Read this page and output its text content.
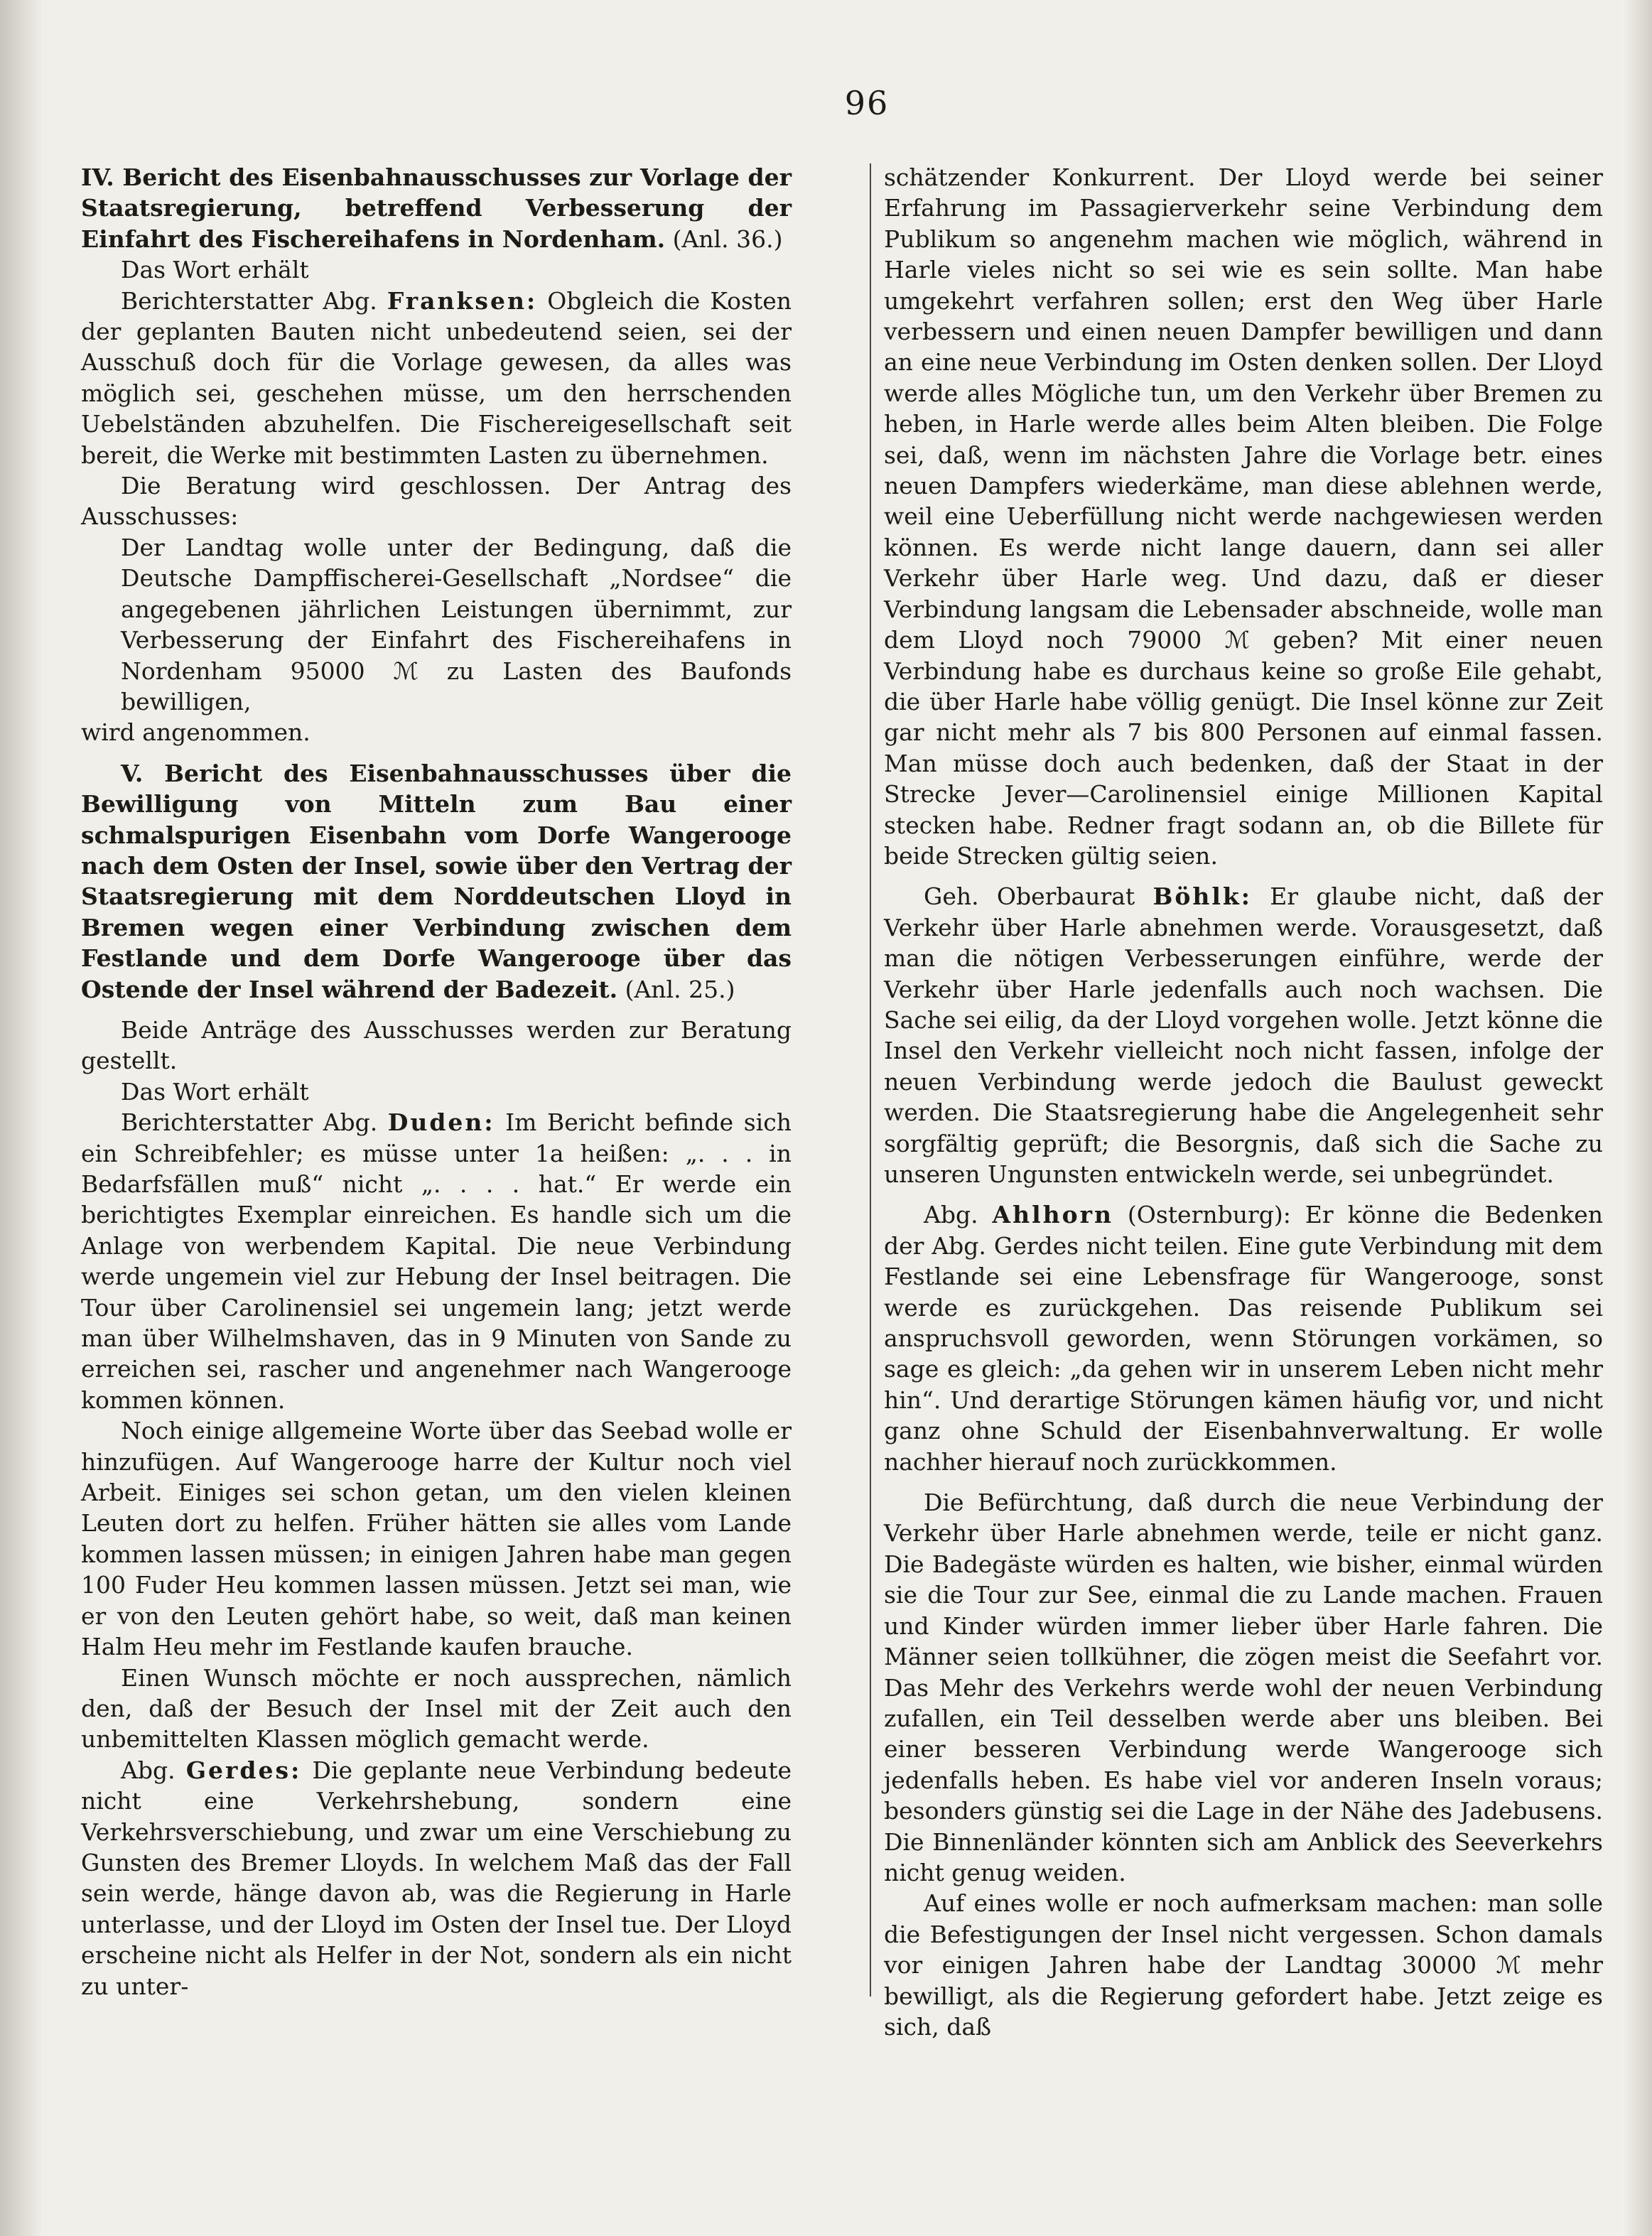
96

IV. Bericht des Eisenbahnausschusses zur Vorlage der Staatsregierung, betreffend Verbesserung der Einfahrt des Fischereihafens in Nordenham. (Anl. 36.)

Das Wort erhält

Berichterstatter Abg. Franksen: Obgleich die Kosten der geplanten Bauten nicht unbedeutend seien, sei der Ausschuß doch für die Vorlage gewesen, da alles was möglich sei, geschehen müsse, um den herrschenden Uebelständen abzuhelfen. Die Fischereigesellschaft seit bereit, die Werke mit bestimmten Lasten zu übernehmen.

Die Beratung wird geschlossen. Der Antrag des Ausschusses:

Der Landtag wolle unter der Bedingung, daß die Deutsche Dampffischerei-Gesellschaft „Nordsee“ die angegebenen jährlichen Leistungen übernimmt, zur Verbesserung der Einfahrt des Fischereihafens in Nordenham 95000 ℳ zu Lasten des Baufonds bewilligen,

wird angenommen.

V. Bericht des Eisenbahnausschusses über die Bewilligung von Mitteln zum Bau einer schmalspurigen Eisenbahn vom Dorfe Wangerooge nach dem Osten der Insel, sowie über den Vertrag der Staatsregierung mit dem Norddeutschen Lloyd in Bremen wegen einer Verbindung zwischen dem Festlande und dem Dorfe Wangerooge über das Ostende der Insel während der Badezeit. (Anl. 25.)

Beide Anträge des Ausschusses werden zur Beratung gestellt.

Das Wort erhält

Berichterstatter Abg. Duden: Im Bericht befinde sich ein Schreibfehler; es müsse unter 1a heißen: „. . . in Bedarfsfällen muß“ nicht „. . . . hat.“ Er werde ein berichtigtes Exemplar einreichen. Es handle sich um die Anlage von werbendem Kapital. Die neue Verbindung werde ungemein viel zur Hebung der Insel beitragen. Die Tour über Carolinensiel sei ungemein lang; jetzt werde man über Wilhelmshaven, das in 9 Minuten von Sande zu erreichen sei, rascher und angenehmer nach Wangerooge kommen können.

Noch einige allgemeine Worte über das Seebad wolle er hinzufügen. Auf Wangerooge harre der Kultur noch viel Arbeit. Einiges sei schon getan, um den vielen kleinen Leuten dort zu helfen. Früher hätten sie alles vom Lande kommen lassen müssen; in einigen Jahren habe man gegen 100 Fuder Heu kommen lassen müssen. Jetzt sei man, wie er von den Leuten gehört habe, so weit, daß man keinen Halm Heu mehr im Festlande kaufen brauche.

Einen Wunsch möchte er noch aussprechen, nämlich den, daß der Besuch der Insel mit der Zeit auch den unbemittelten Klassen möglich gemacht werde.

Abg. Gerdes: Die geplante neue Verbindung bedeute nicht eine Verkehrshebung, sondern eine Verkehrsverschiebung, und zwar um eine Verschiebung zu Gunsten des Bremer Lloyds. In welchem Maß das der Fall sein werde, hänge davon ab, was die Regierung in Harle unterlasse, und der Lloyd im Osten der Insel tue. Der Lloyd erscheine nicht als Helfer in der Not, sondern als ein nicht zu unter-

schätzender Konkurrent. Der Lloyd werde bei seiner Erfahrung im Passagierverkehr seine Verbindung dem Publikum so angenehm machen wie möglich, während in Harle vieles nicht so sei wie es sein sollte. Man habe umgekehrt verfahren sollen; erst den Weg über Harle verbessern und einen neuen Dampfer bewilligen und dann an eine neue Verbindung im Osten denken sollen. Der Lloyd werde alles Mögliche tun, um den Verkehr über Bremen zu heben, in Harle werde alles beim Alten bleiben. Die Folge sei, daß, wenn im nächsten Jahre die Vorlage betr. eines neuen Dampfers wiederkäme, man diese ablehnen werde, weil eine Ueberfüllung nicht werde nachgewiesen werden können. Es werde nicht lange dauern, dann sei aller Verkehr über Harle weg. Und dazu, daß er dieser Verbindung langsam die Lebensader abschneide, wolle man dem Lloyd noch 79000 ℳ geben? Mit einer neuen Verbindung habe es durchaus keine so große Eile gehabt, die über Harle habe völlig genügt. Die Insel könne zur Zeit gar nicht mehr als 7 bis 800 Personen auf einmal fassen. Man müsse doch auch bedenken, daß der Staat in der Strecke Jever—Carolinensiel einige Millionen Kapital stecken habe. Redner fragt sodann an, ob die Billete für beide Strecken gültig seien.

Geh. Oberbaurat Böhlk: Er glaube nicht, daß der Verkehr über Harle abnehmen werde. Vorausgesetzt, daß man die nötigen Verbesserungen einführe, werde der Verkehr über Harle jedenfalls auch noch wachsen. Die Sache sei eilig, da der Lloyd vorgehen wolle. Jetzt könne die Insel den Verkehr vielleicht noch nicht fassen, infolge der neuen Verbindung werde jedoch die Baulust geweckt werden. Die Staatsregierung habe die Angelegenheit sehr sorgfältig geprüft; die Besorgnis, daß sich die Sache zu unseren Ungunsten entwickeln werde, sei unbegründet.

Abg. Ahlhorn (Osternburg): Er könne die Bedenken der Abg. Gerdes nicht teilen. Eine gute Verbindung mit dem Festlande sei eine Lebensfrage für Wangerooge, sonst werde es zurückgehen. Das reisende Publikum sei anspruchsvoll geworden, wenn Störungen vorkämen, so sage es gleich: „da gehen wir in unserem Leben nicht mehr hin“. Und derartige Störungen kämen häufig vor, und nicht ganz ohne Schuld der Eisenbahnverwaltung. Er wolle nachher hierauf noch zurückkommen.

Die Befürchtung, daß durch die neue Verbindung der Verkehr über Harle abnehmen werde, teile er nicht ganz. Die Badegäste würden es halten, wie bisher, einmal würden sie die Tour zur See, einmal die zu Lande machen. Frauen und Kinder würden immer lieber über Harle fahren. Die Männer seien tollkühner, die zögen meist die Seefahrt vor. Das Mehr des Verkehrs werde wohl der neuen Verbindung zufallen, ein Teil desselben werde aber uns bleiben. Bei einer besseren Verbindung werde Wangerooge sich jedenfalls heben. Es habe viel vor anderen Inseln voraus; besonders günstig sei die Lage in der Nähe des Jadebusens. Die Binnenländer könnten sich am Anblick des Seeverkehrs nicht genug weiden.

Auf eines wolle er noch aufmerksam machen: man solle die Befestigungen der Insel nicht vergessen. Schon damals vor einigen Jahren habe der Landtag 30000 ℳ mehr bewilligt, als die Regierung gefordert habe. Jetzt zeige es sich, daß
